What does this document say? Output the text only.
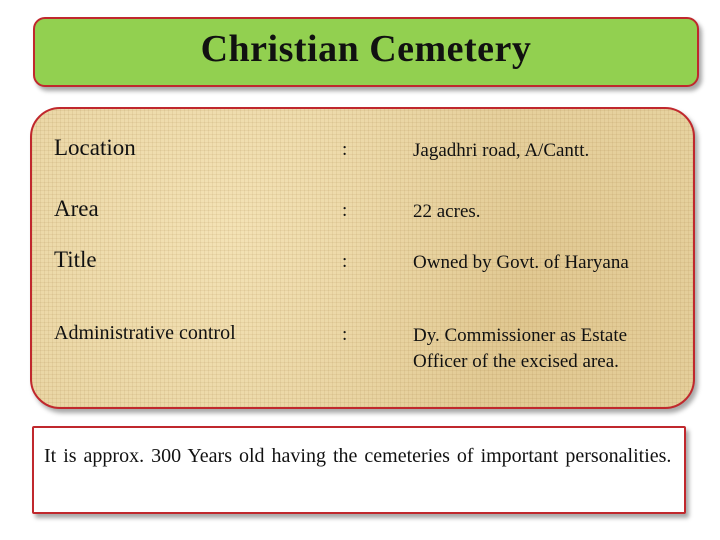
Christian Cemetery
Location	:	Jagadhri road, A/Cantt.
Area	:	22 acres.
Title	:	Owned by Govt. of Haryana
Administrative control	:	Dy. Commissioner as Estate Officer of the excised area.
It is approx. 300 Years old having the cemeteries of important personalities.
